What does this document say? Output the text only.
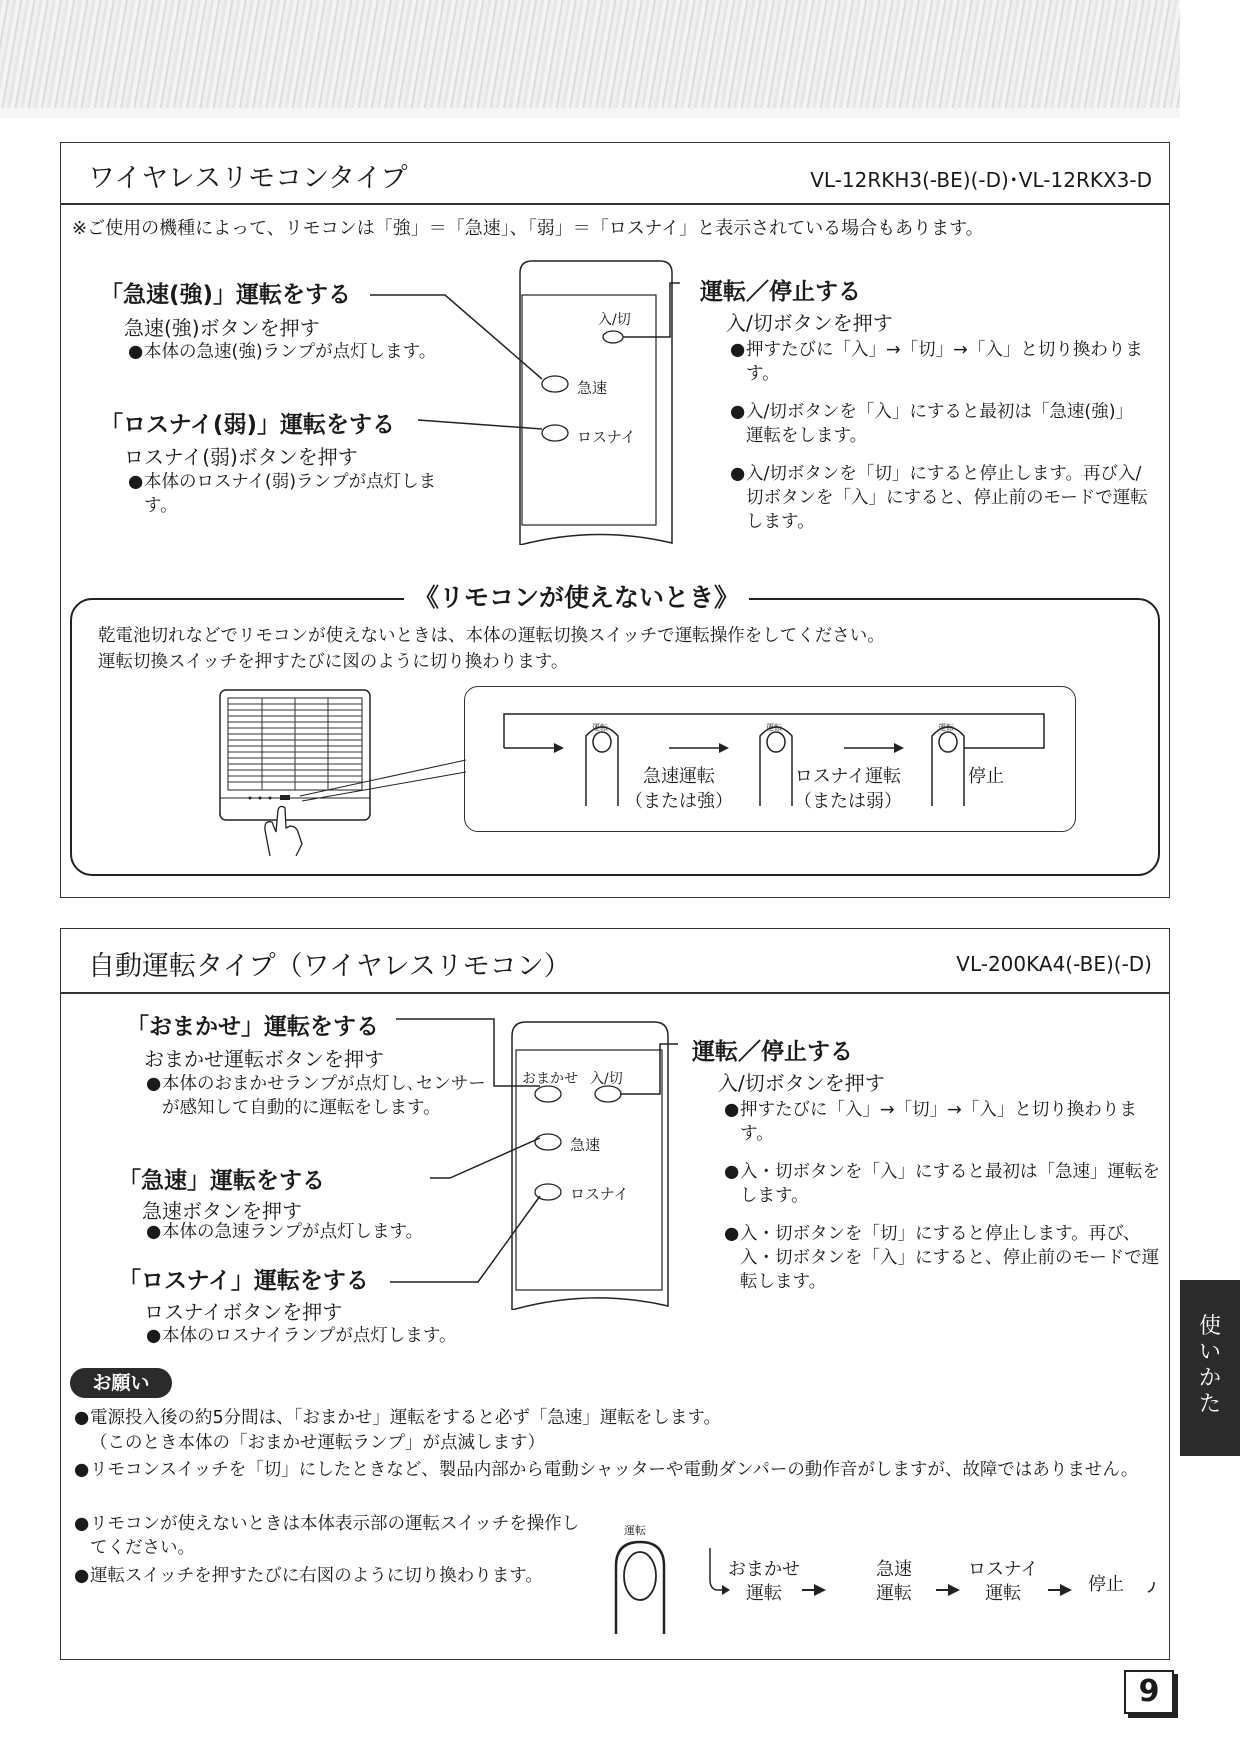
ワイヤレスリモコンタイプ	VL-12RKH3(-BE)(-D)･VL-12RKX3-D
※ご使用の機種によって、リモコンは「強」＝「急速」、「弱」＝「ロスナイ」と表示されている場合もあります。
「急速(強)」運転をする
急速(強)ボタンを押す
● 本体の急速(強)ランプが点灯します。
「ロスナイ(弱)」運転をする
ロスナイ(弱)ボタンを押す
● 本体のロスナイ(弱)ランプが点灯します。
入/切
急速
ロスナイ
運転／停止する
入/切ボタンを押す
● 押すたびに「入」→「切」→「入」と切り換わります。
● 入/切ボタンを「入」にすると最初は「急速(強)」運転をします。
● 入/切ボタンを「切」にすると停止します。再び入/切ボタンを「入」にすると、停止前のモードで運転します。
《リモコンが使えないとき》
乾電池切れなどでリモコンが使えないときは、本体の運転切換スイッチで運転操作をしてください。
運転切換スイッチを押すたびに図のように切り換わります。
運転	運転	運転
急速運転
（または強）
ロスナイ運転
（または弱）
停止
自動運転タイプ（ワイヤレスリモコン）	VL-200KA4(-BE)(-D)
「おまかせ」運転をする
おまかせ運転ボタンを押す
● 本体のおまかせランプが点灯し､センサーが感知して自動的に運転をします。
「急速」運転をする
急速ボタンを押す
● 本体の急速ランプが点灯します。
「ロスナイ」運転をする
ロスナイボタンを押す
● 本体のロスナイランプが点灯します。
おまかせ 入/切
急速
ロスナイ
運転／停止する
入/切ボタンを押す
● 押すたびに「入」→「切」→「入」と切り換わります。
● 入・切ボタンを「入」にすると最初は「急速」運転をします。
● 入・切ボタンを「切」にすると停止します。再び、入・切ボタンを「入」にすると、停止前のモードで運転します。
お願い
● 電源投入後の約5分間は、「おまかせ」運転をすると必ず「急速」運転をします。
（このとき本体の「おまかせ運転ランプ」が点滅します）
● リモコンスイッチを「切」にしたときなど、製品内部から電動シャッターや電動ダンパーの動作音がしますが、故障ではありません。
● リモコンが使えないときは本体表示部の運転スイッチを操作してください。
● 運転スイッチを押すたびに右図のように切り換わります。
運転
おまかせ
運転
急速
運転
ロスナイ
運転	停止
使いかた
9
